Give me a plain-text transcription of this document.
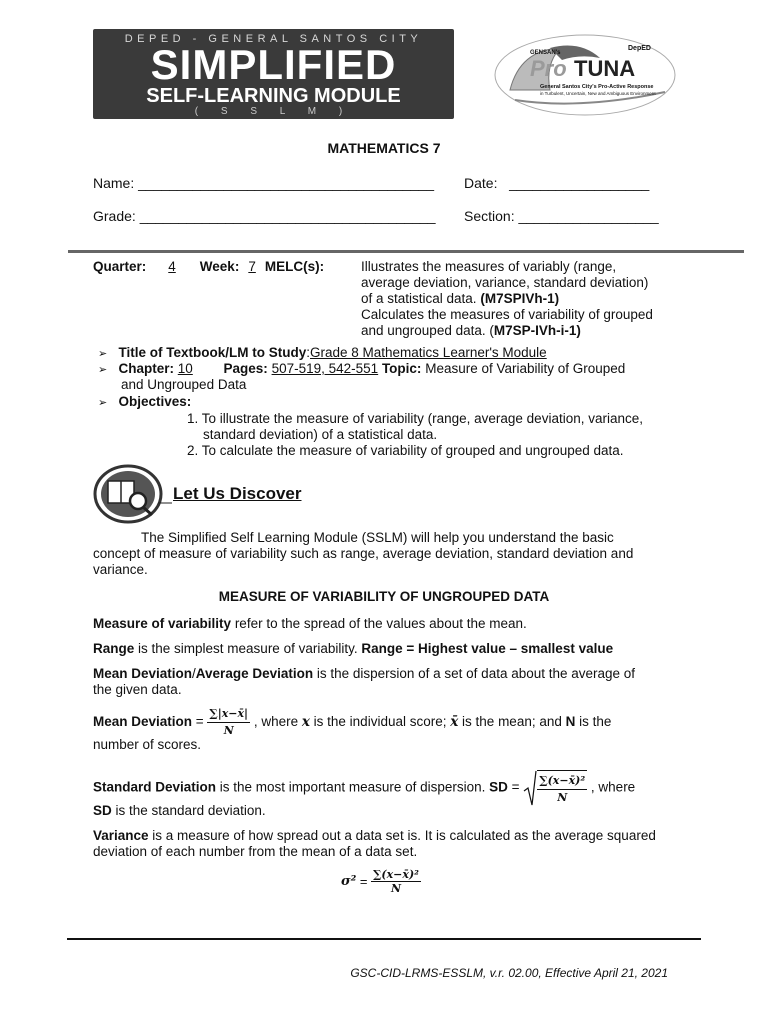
DEPED - GENERAL SANTOS CITY
SIMPLIFIED
SELF-LEARNING MODULE
( S S L M )
GENSAN's
Pro TUNA
DepED
General Santos City's Pro-Active Response
in Turbulent, Uncertain, New and Ambiguous Environment
MATHEMATICS 7
Name: ______________________________________ Date: __________________
Grade: ______________________________________ Section: __________________
Quarter: 4 Week: 7 MELC(s):	Illustrates the measures of variably (range,
average deviation, variance, standard deviation)
of a statistical data. (M7SPIVh-1)
Calculates the measures of variability of grouped
and ungrouped data. (M7SP-IVh-i-1)
➢ Title of Textbook/LM to Study:Grade 8 Mathematics Learner's Module
➢ Chapter: 10 Pages: 507-519, 542-551 Topic: Measure of Variability of Grouped
and Ungrouped Data
➢ Objectives:
1. To illustrate the measure of variability (range, average deviation, variance,
standard deviation) of a statistical data.
2. To calculate the measure of variability of grouped and ungrouped data.
Let Us Discover
The Simplified Self Learning Module (SSLM) will help you understand the basic
concept of measure of variability such as range, average deviation, standard deviation and
variance.
MEASURE OF VARIABILITY OF UNGROUPED DATA
Measure of variability refer to the spread of the values about the mean.
Range is the simplest measure of variability. Range = Highest value – smallest value
Mean Deviation/Average Deviation is the dispersion of a set of data about the average of
the given data.
Mean Deviation = $\frac{\sum|x-x̄|}{N}$ , where x is the individual score; x̄ is the mean; and N is the
number of scores.
Standard Deviation is the most important measure of dispersion. SD = $\frac{\text{∑(x−x̄)²}}{N}$ , where
SD is the standard deviation.
Variance is a measure of how spread out a data set is. It is calculated as the average squared
deviation of each number from the mean of a data set.
$\sigma^2 = \frac{\text{∑(x−x̄)²}}{N}$
GSC-CID-LRMS-ESSLM, v.r. 02.00, Effective April 21, 2021
